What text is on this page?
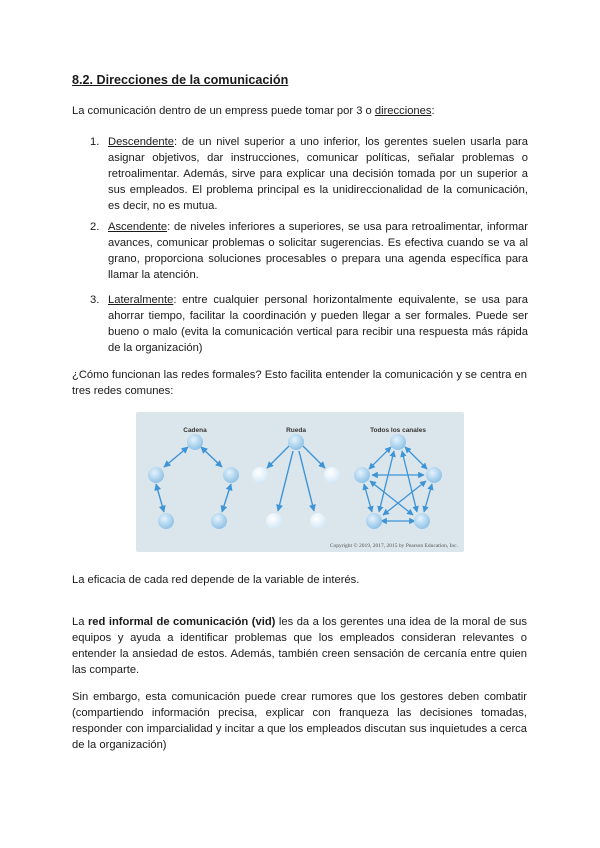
8.2. Direcciones de la comunicación
La comunicación dentro de un empress puede tomar por 3 o direcciones:
1. Descendente: de un nivel superior a uno inferior, los gerentes suelen usarla para asignar objetivos, dar instrucciones, comunicar políticas, señalar problemas o retroalimentar. Además, sirve para explicar una decisión tomada por un superior a sus empleados. El problema principal es la unidireccionalidad de la comunicación, es decir, no es mutua.
2. Ascendente: de niveles inferiores a superiores, se usa para retroalimentar, informar avances, comunicar problemas o solicitar sugerencias. Es efectiva cuando se va al grano, proporciona soluciones procesables o prepara una agenda específica para llamar la atención.
3. Lateralmente: entre cualquier personal horizontalmente equivalente, se usa para ahorrar tiempo, facilitar la coordinación y pueden llegar a ser formales. Puede ser bueno o malo (evita la comunicación vertical para recibir una respuesta más rápida de la organización)
¿Cómo funcionan las redes formales? Esto facilita entender la comunicación y se centra en tres redes comunes:
Cadena	Rueda	Todos los canales
Copyright © 2019, 2017, 2015 by Pearson Education, Inc.
La eficacia de cada red depende de la variable de interés.
La red informal de comunicación (vid) les da a los gerentes una idea de la moral de sus equipos y ayuda a identificar problemas que los empleados consideran relevantes o entender la ansiedad de estos. Además, también creen sensación de cercanía entre quien las comparte.
Sin embargo, esta comunicación puede crear rumores que los gestores deben combatir (compartiendo información precisa, explicar con franqueza las decisiones tomadas, responder con imparcialidad y incitar a que los empleados discutan sus inquietudes a cerca de la organización)
